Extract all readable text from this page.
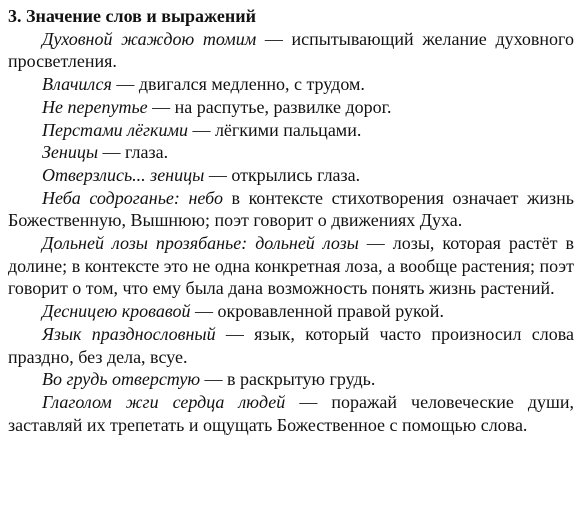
3. Значение слов и выражений

Духовной жаждою томим — испытывающий желание духовного просветления.

Влачился — двигался медленно, с трудом.

Не перепутье — на распутье, развилке дорог.

Перстами лёгкими — лёгкими пальцами.

Зеницы — глаза.

Отверзлись... зеницы — открылись глаза.

Неба содроганье: небо в контексте стихотворения означает жизнь Божественную, Вышнюю; поэт говорит о движениях Духа.

Дольней лозы прозябанье: дольней лозы — лозы, которая растёт в долине; в контексте это не одна конкретная лоза, а вообще растения; поэт говорит о том, что ему была дана возможность понять жизнь растений.

Десницею кровавой — окровавленной правой рукой.

Язык празднословный — язык, который часто произносил слова праздно, без дела, всуе.

Во грудь отверстую — в раскрытую грудь.

Глаголом жги сердца людей — поражай человеческие души, заставляй их трепетать и ощущать Божественное с помощью слова.
